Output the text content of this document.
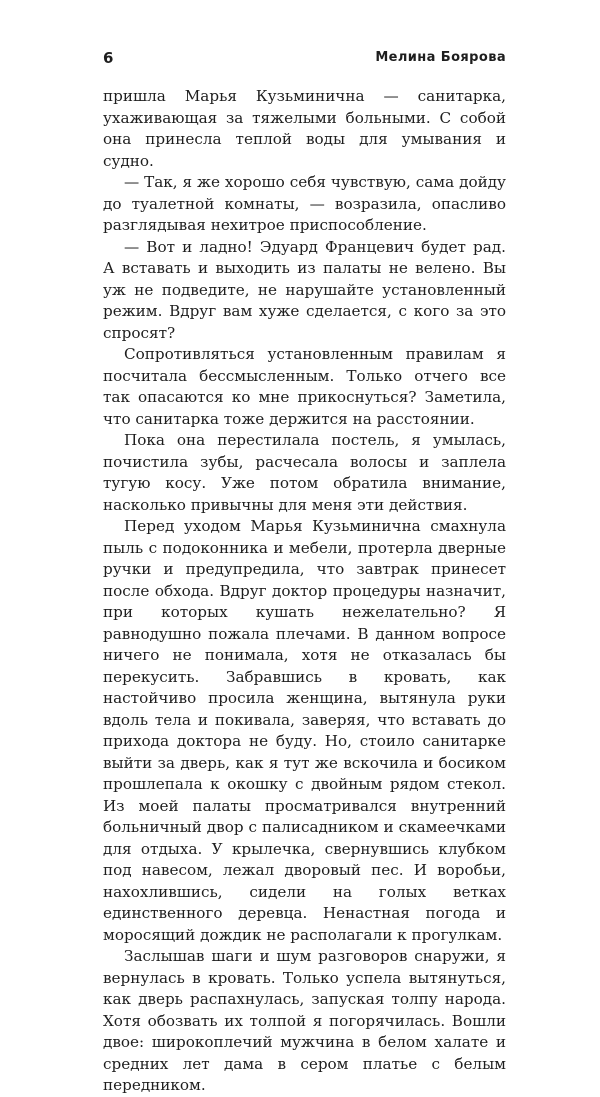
6	Мелина Боярова

пришла Марья Кузьминична — санитарка, ухаживающая за тяжелыми больными. С собой она принесла теплой воды для умывания и судно.

— Так, я же хорошо себя чувствую, сама дойду до туалетной комнаты, — возразила, опасливо разглядывая нехитрое приспособление.

— Вот и ладно! Эдуард Францевич будет рад. А вставать и выходить из палаты не велено. Вы уж не подведите, не нарушайте установленный режим. Вдруг вам хуже сделается, с кого за это спросят?

Сопротивляться установленным правилам я посчитала бессмысленным. Только отчего все так опасаются ко мне прикоснуться? Заметила, что санитарка тоже держится на расстоянии.

Пока она перестилала постель, я умылась, почистила зубы, расчесала волосы и заплела тугую косу. Уже потом обратила внимание, насколько привычны для меня эти действия.

Перед уходом Марья Кузьминична смахнула пыль с подоконника и мебели, протерла дверные ручки и предупредила, что завтрак принесет после обхода. Вдруг доктор процедуры назначит, при которых кушать нежелательно? Я равнодушно пожала плечами. В данном вопросе ничего не понимала, хотя не отказалась бы перекусить. Забравшись в кровать, как настойчиво просила женщина, вытянула руки вдоль тела и покивала, заверяя, что вставать до прихода доктора не буду. Но, стоило санитарке выйти за дверь, как я тут же вскочила и босиком прошлепала к окошку с двойным рядом стекол. Из моей палаты просматривался внутренний больничный двор с палисадником и скамеечками для отдыха. У крылечка, свернувшись клубком под навесом, лежал дворовый пес. И воробьи, нахохлившись, сидели на голых ветках единственного деревца. Ненастная погода и моросящий дождик не располагали к прогулкам.

Заслышав шаги и шум разговоров снаружи, я вернулась в кровать. Только успела вытянуться, как дверь распахнулась, запуская толпу народа. Хотя обозвать их толпой я погорячилась. Вошли двое: широкоплечий мужчина в белом халате и средних лет дама в сером платье с белым передником.
